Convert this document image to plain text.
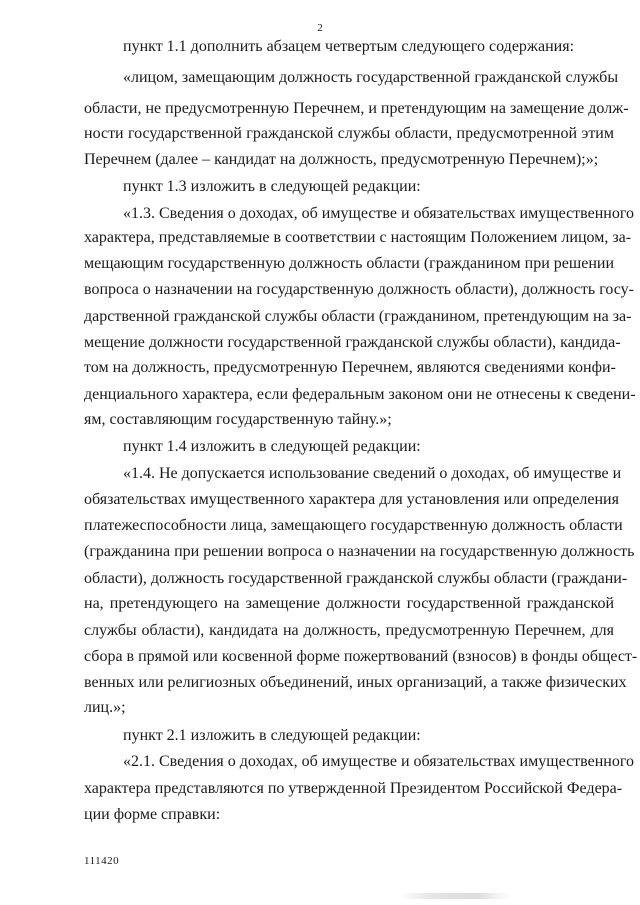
2
пункт 1.1 дополнить абзацем четвертым следующего содержания:
«лицом, замещающим должность государственной гражданской службы
области, не предусмотренную Перечнем, и претендующим на замещение долж-
ности государственной гражданской службы области, предусмотренной этим
Перечнем (далее – кандидат на должность, предусмотренную Перечнем);»;
пункт 1.3 изложить в следующей редакции:
«1.3. Сведения о доходах, об имуществе и обязательствах имущественного
характера, представляемые в соответствии с настоящим Положением лицом, за-
мещающим государственную должность области (гражданином при решении
вопроса о назначении на государственную должность области), должность госу-
дарственной гражданской службы области (гражданином, претендующим на за-
мещение должности государственной гражданской службы области), кандида-
том на должность, предусмотренную Перечнем, являются сведениями конфи-
денциального характера, если федеральным законом они не отнесены к сведени-
ям, составляющим государственную тайну.»;
пункт 1.4 изложить в следующей редакции:
«1.4. Не допускается использование сведений о доходах, об имуществе и
обязательствах имущественного характера для установления или определения
платежеспособности лица, замещающего государственную должность области
(гражданина при решении вопроса о назначении на государственную должность
области), должность государственной гражданской службы области (граждани-
на, претендующего на замещение должности государственной гражданской
службы области), кандидата на должность, предусмотренную Перечнем, для
сбора в прямой или косвенной форме пожертвований (взносов) в фонды общест-
венных или религиозных объединений, иных организаций, а также физических
лиц.»;
пункт 2.1 изложить в следующей редакции:
«2.1. Сведения о доходах, об имуществе и обязательствах имущественного
характера представляются по утвержденной Президентом Российской Федера-
ции форме справки:
111420
